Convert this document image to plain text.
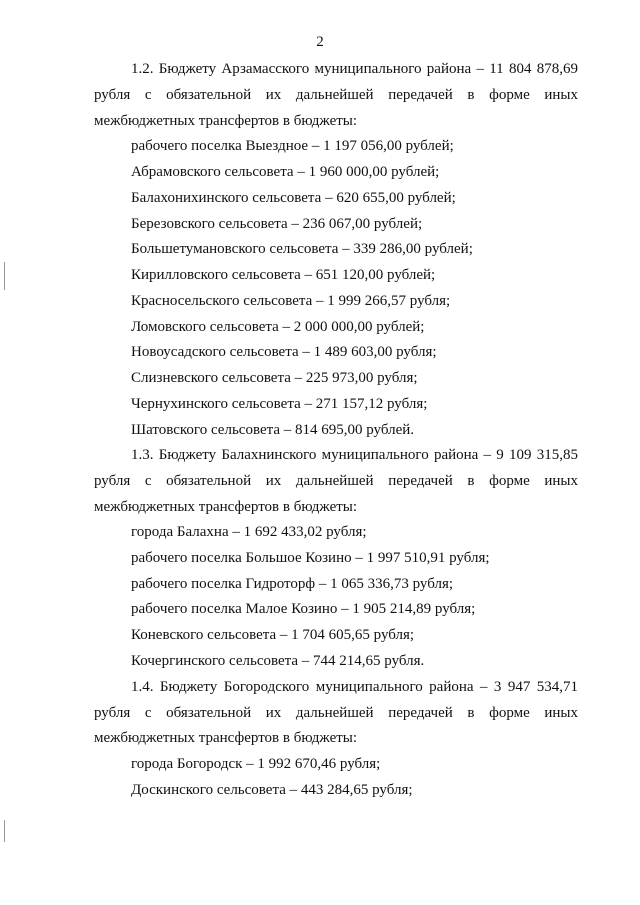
2
1.2. Бюджету Арзамасского муниципального района – 11 804 878,69
рубля с обязательной их дальнейшей передачей в форме иных
межбюджетных трансфертов в бюджеты:
рабочего поселка Выездное – 1 197 056,00 рублей;
Абрамовского сельсовета – 1 960 000,00 рублей;
Балахонихинского сельсовета – 620 655,00 рублей;
Березовского сельсовета – 236 067,00 рублей;
Большетумановского сельсовета – 339 286,00 рублей;
Кирилловского сельсовета – 651 120,00 рублей;
Красносельского сельсовета – 1 999 266,57 рубля;
Ломовского сельсовета – 2 000 000,00 рублей;
Новоусадского сельсовета – 1 489 603,00 рубля;
Слизневского сельсовета – 225 973,00 рубля;
Чернухинского сельсовета – 271 157,12 рубля;
Шатовского сельсовета – 814 695,00 рублей.
1.3. Бюджету Балахнинского муниципального района – 9 109 315,85
рубля с обязательной их дальнейшей передачей в форме иных
межбюджетных трансфертов в бюджеты:
города Балахна – 1 692 433,02 рубля;
рабочего поселка Большое Козино – 1 997 510,91 рубля;
рабочего поселка Гидроторф – 1 065 336,73 рубля;
рабочего поселка Малое Козино – 1 905 214,89 рубля;
Коневского сельсовета – 1 704 605,65 рубля;
Кочергинского сельсовета – 744 214,65 рубля.
1.4. Бюджету Богородского муниципального района – 3 947 534,71
рубля с обязательной их дальнейшей передачей в форме иных
межбюджетных трансфертов в бюджеты:
города Богородск – 1 992 670,46 рубля;
Доскинского сельсовета – 443 284,65 рубля;
